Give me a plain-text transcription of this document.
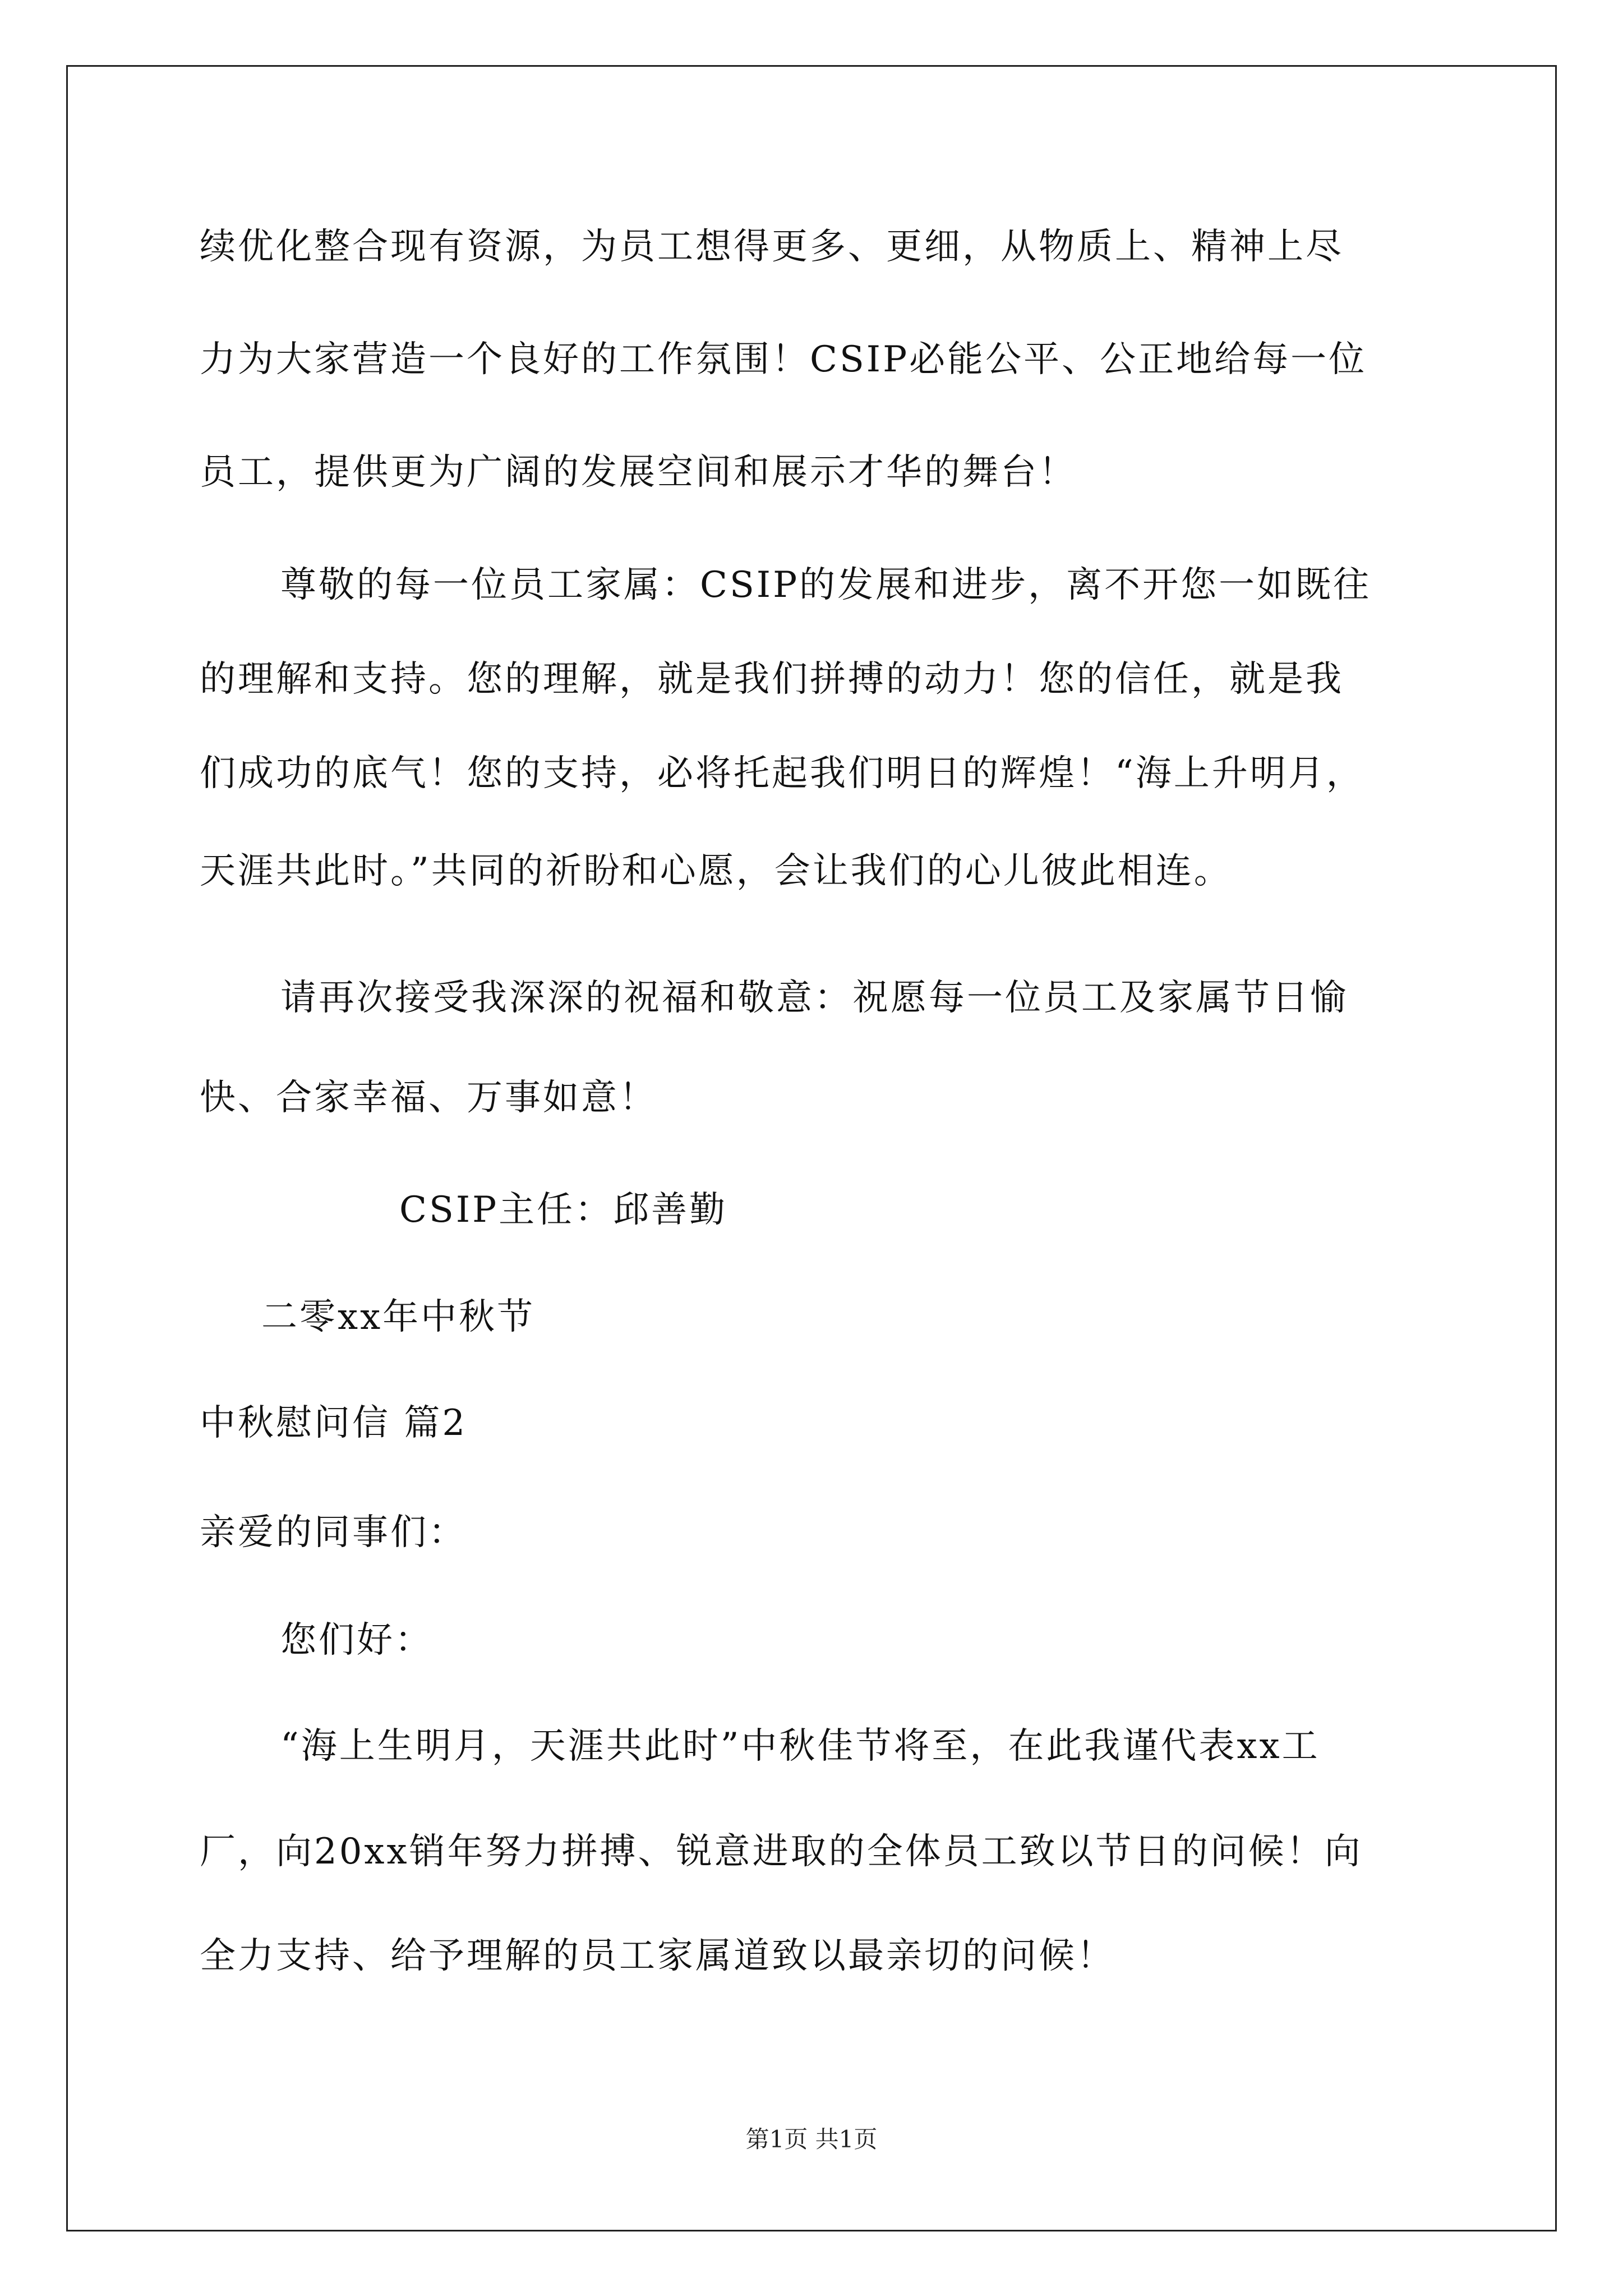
续优化整合现有资源，为员工想得更多、更细，从物质上、精神上尽
力为大家营造一个良好的工作氛围！CSIP必能公平、公正地给每一位
员工，提供更为广阔的发展空间和展示才华的舞台！
尊敬的每一位员工家属：CSIP的发展和进步，离不开您一如既往
的理解和支持。您的理解，就是我们拼搏的动力！您的信任，就是我
们成功的底气！您的支持，必将托起我们明日的辉煌！“海上升明月，
天涯共此时。”共同的祈盼和心愿，会让我们的心儿彼此相连。
请再次接受我深深的祝福和敬意：祝愿每一位员工及家属节日愉
快、合家幸福、万事如意！
CSIP主任：邱善勤
二零xx年中秋节
中秋慰问信 篇2
亲爱的同事们：
您们好：
“海上生明月，天涯共此时”中秋佳节将至，在此我谨代表xx工
厂，向20xx销年努力拼搏、锐意进取的全体员工致以节日的问候！向
全力支持、给予理解的员工家属道致以最亲切的问候！
第1页 共1页
